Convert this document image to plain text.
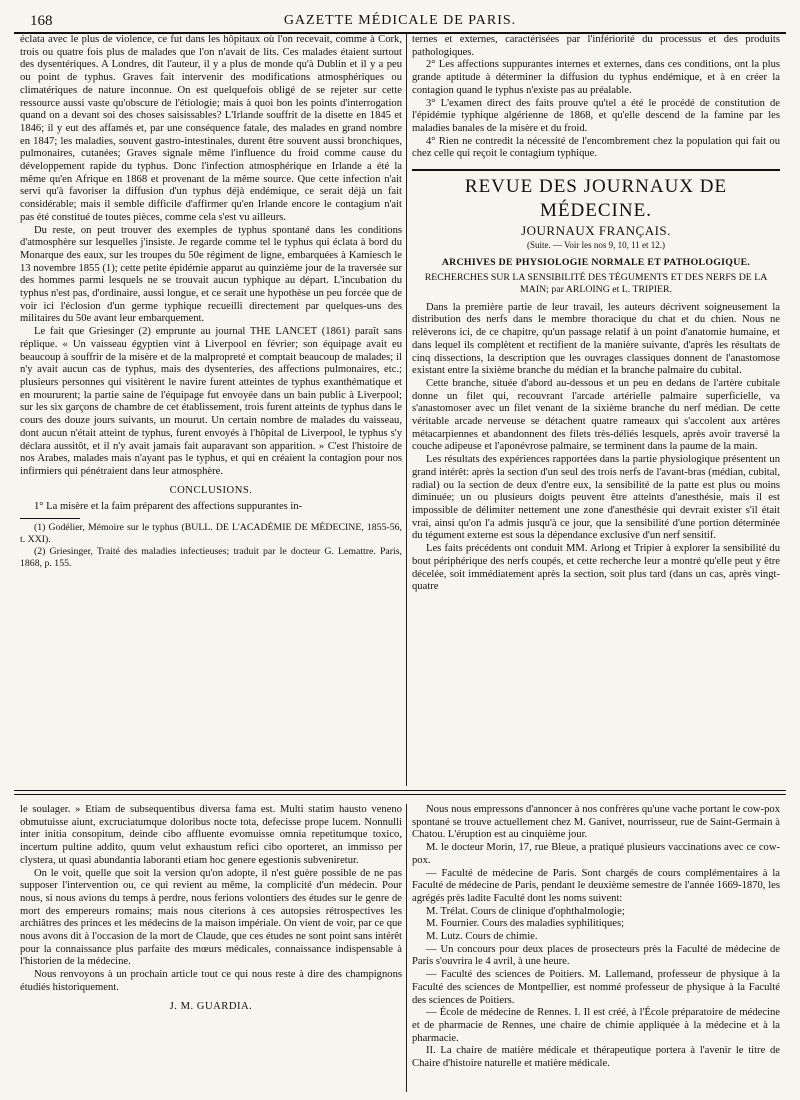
168	GAZETTE MÉDICALE DE PARIS.

éclata avec le plus de violence, ce fut dans les hôpitaux où l'on recevait, comme à Cork, trois ou quatre fois plus de malades que l'on n'avait de lits. Ces malades étaient surtout des dysentériques. A Londres, dit l'auteur, il y a plus de monde qu'à Dublin et il y a peu ou point de typhus. Graves fait intervenir des modifications atmosphériques ou climatériques de nature inconnue. On est quelquefois obligé de se rejeter sur cette ressource aussi vaste qu'obscure de l'étiologie; mais à quoi bon les points d'interrogation quand on a devant soi des choses saisissables? L'Irlande souffrit de la disette en 1845 et 1846; il y eut des affamés et, par une conséquence fatale, des malades en grand nombre en 1847; les maladies, souvent gastro-intestinales, durent être souvent aussi bronchiques, pulmonaires, cutanées; Graves signale même l'influence du froid comme cause du développement rapide du typhus. Donc l'infection atmosphérique en Irlande a été la même qu'en Afrique en 1868 et provenant de la même source. Que cette infection n'ait servi qu'à favoriser la diffusion d'un typhus déjà endémique, ce serait déjà un fait considérable; mais il semble difficile d'affirmer qu'en Irlande encore le contagium n'ait pas été constitué de toutes pièces, comme cela s'est vu ailleurs.

Du reste, on peut trouver des exemples de typhus spontané dans les conditions d'atmosphère sur lesquelles j'insiste. Je regarde comme tel le typhus qui éclata à bord du Monarque des eaux, sur les troupes du 50e régiment de ligne, embarquées à Kamiesch le 13 novembre 1855 (1); cette petite épidémie apparut au quinzième jour de la traversée sur des hommes parmi lesquels ne se trouvait aucun typhique au départ. L'incubation du typhus n'est pas, d'ordinaire, aussi longue, et ce serait une hypothèse un peu forcée que de voir ici l'éclosion d'un germe typhique recueilli directement par quelques-uns des militaires du 50e avant leur embarquement.

Le fait que Griesinger (2) emprunte au journal THE LANCET (1861) paraît sans réplique. « Un vaisseau égyptien vint à Liverpool en février; son équipage avait eu beaucoup à souffrir de la misère et de la malpropreté et comptait beaucoup de malades; il n'y avait aucun cas de typhus, mais des dysenteries, des affections pulmonaires, etc.; plusieurs personnes qui visitèrent le navire furent atteintes de typhus exanthématique et en moururent; la partie saine de l'équipage fut envoyée dans un bain public à Liverpool; sur les six garçons de chambre de cet établissement, trois furent atteints de typhus dans le cours des douze jours suivants, un mourut. Un certain nombre de malades du vaisseau, dont aucun n'était atteint de typhus, furent envoyés à l'hôpital de Liverpool, le typhus s'y déclara aussitôt, et il n'y avait jamais fait auparavant son apparition. » C'est l'histoire de nos Arabes, malades mais n'ayant pas le typhus, et qui en créaient la contagion pour nos infirmiers qui pénétraient dans leur atmosphère.

CONCLUSIONS.

1° La misère et la faim préparent des affections suppurantes in-

(1) Godélier, Mémoire sur le typhus (BULL. DE L'ACADÉMIE DE MÉDECINE, 1855-56, t. XXI).

(2) Griesinger, Traité des maladies infectieuses; traduit par le docteur G. Lemattre. Paris, 1868, p. 155.

ternes et externes, caractérisées par l'infériorité du processus et des produits pathologiques.

2° Les affections suppurantes internes et externes, dans ces conditions, ont la plus grande aptitude à déterminer la diffusion du typhus endémique, et à en créer la contagion quand le typhus n'existe pas au préalable.

3° L'examen direct des faits prouve qu'tel a été le procédé de constitution de l'épidémie typhique algérienne de 1868, et qu'elle descend de la famine par les maladies banales de la misère et du froid.

4° Rien ne contredit la nécessité de l'encombrement chez la population qui fait ou chez celle qui reçoit le contagium typhique.

REVUE DES JOURNAUX DE MÉDECINE.
JOURNAUX FRANÇAIS.
(Suite. — Voir les nos 9, 10, 11 et 12.)
ARCHIVES DE PHYSIOLOGIE NORMALE ET PATHOLOGIQUE.
RECHERCHES SUR LA SENSIBILITÉ DES TÉGUMENTS ET DES NERFS DE LA MAIN; par ARLOING et L. TRIPIER.

Dans la première partie de leur travail, les auteurs décrivent soigneusement la distribution des nerfs dans le membre thoracique du chat et du chien. Nous ne relèverons ici, de ce chapitre, qu'un passage relatif à un point d'anatomie humaine, et dans lequel ils complètent et rectifient de la manière suivante, d'après les résultats de cinq dissections, la description que les ouvrages classiques donnent de l'anastomose existant entre la sixième branche du médian et la branche palmaire du cubital.

Cette branche, située d'abord au-dessous et un peu en dedans de l'artère cubitale donne un filet qui, recouvrant l'arcade artérielle palmaire superficielle, va s'anastomoser avec un filet venant de la sixième branche du nerf médian. De cette véritable arcade nerveuse se détachent quatre rameaux qui s'accolent aux artères métacarpiennes et abandonnent des filets très-déliés lesquels, après avoir traversé la couche adipeuse et l'aponévrose palmaire, se terminent dans la paume de la main.

Les résultats des expériences rapportées dans la partie physiologique présentent un grand intérêt: après la section d'un seul des trois nerfs de l'avant-bras (médian, cubital, radial) ou la section de deux d'entre eux, la sensibilité de la patte est plus ou moins diminuée; un ou plusieurs doigts peuvent être atteints d'anesthésie, mais il est impossible de délimiter nettement une zone d'anesthésie qui devrait exister s'il était vrai, ainsi qu'on l'a admis jusqu'à ce jour, que la sensibilité d'une portion déterminée du tégument externe est sous la dépendance exclusive d'un nerf sensitif.

Les faits précédents ont conduit MM. Arlong et Tripier à explorer la sensibilité du bout périphérique des nerfs coupés, et cette recherche leur a montré qu'elle peut y être décelée, soit immédiatement après la section, soit plus tard (dans un cas, après vingt-quatre

le soulager. » Etiam de subsequentibus diversa fama est. Multi statim hausto veneno obmutuisse aiunt, excruciatumque doloribus nocte tota, defecisse prope lucem. Nonnulli inter initia consopitum, deinde cibo affluente evomuisse omnia repetitumque toxico, incertum pultine addito, quum velut exhaustum refici cibo oporteret, an immisso per clystera, ut quasi abundantia laboranti etiam hoc genere egestionis subveniretur.

On le voit, quelle que soit la version qu'on adopte, il n'est guère possible de ne pas supposer l'intervention ou, ce qui revient au même, la complicité d'un médecin. Pour nous, si nous avions du temps à perdre, nous ferions volontiers des études sur le genre de mort des empereurs romains; mais nous citerions à ces autopsies rétrospectives les archiâtres des princes et les médecins de la maison impériale. On vient de voir, par ce que nous avons dit à l'occasion de la mort de Claude, que ces études ne sont point sans intérêt pour la connaissance plus parfaite des mœurs médicales, connaissance indispensable à l'historien de la médecine.

Nous renvoyons à un prochain article tout ce qui nous reste à dire des champignons étudiés historiquement.

J. M. GUARDIA.

Nous nous empressons d'annoncer à nos confrères qu'une vache portant le cow-pox spontané se trouve actuellement chez M. Ganivet, nourrisseur, rue de Saint-Germain à Chatou. L'éruption est au cinquième jour.

M. le docteur Morin, 17, rue Bleue, a pratiqué plusieurs vaccinations avec ce cow-pox.

— Faculté de médecine de Paris. Sont chargés de cours complémentaires à la Faculté de médecine de Paris, pendant le deuxième semestre de l'année 1669-1870, les agrégés près ladite Faculté dont les noms suivent:

M. Trélat. Cours de clinique d'ophthalmologie;

M. Fournier. Cours des maladies syphilitiques;

M. Lutz. Cours de chimie.

— Un concours pour deux places de prosecteurs près la Faculté de médecine de Paris s'ouvrira le 4 avril, à une heure.

— Faculté des sciences de Poitiers. M. Lallemand, professeur de physique à la Faculté des sciences de Montpellier, est nommé professeur de physique à la Faculté des sciences de Poitiers.

— École de médecine de Rennes. I. Il est créé, à l'École préparatoire de médecine et de pharmacie de Rennes, une chaire de chimie appliquée à la médecine et à la pharmacie.

II. La chaire de matière médicale et thérapeutique portera à l'avenir le titre de Chaire d'histoire naturelle et matière médicale.
